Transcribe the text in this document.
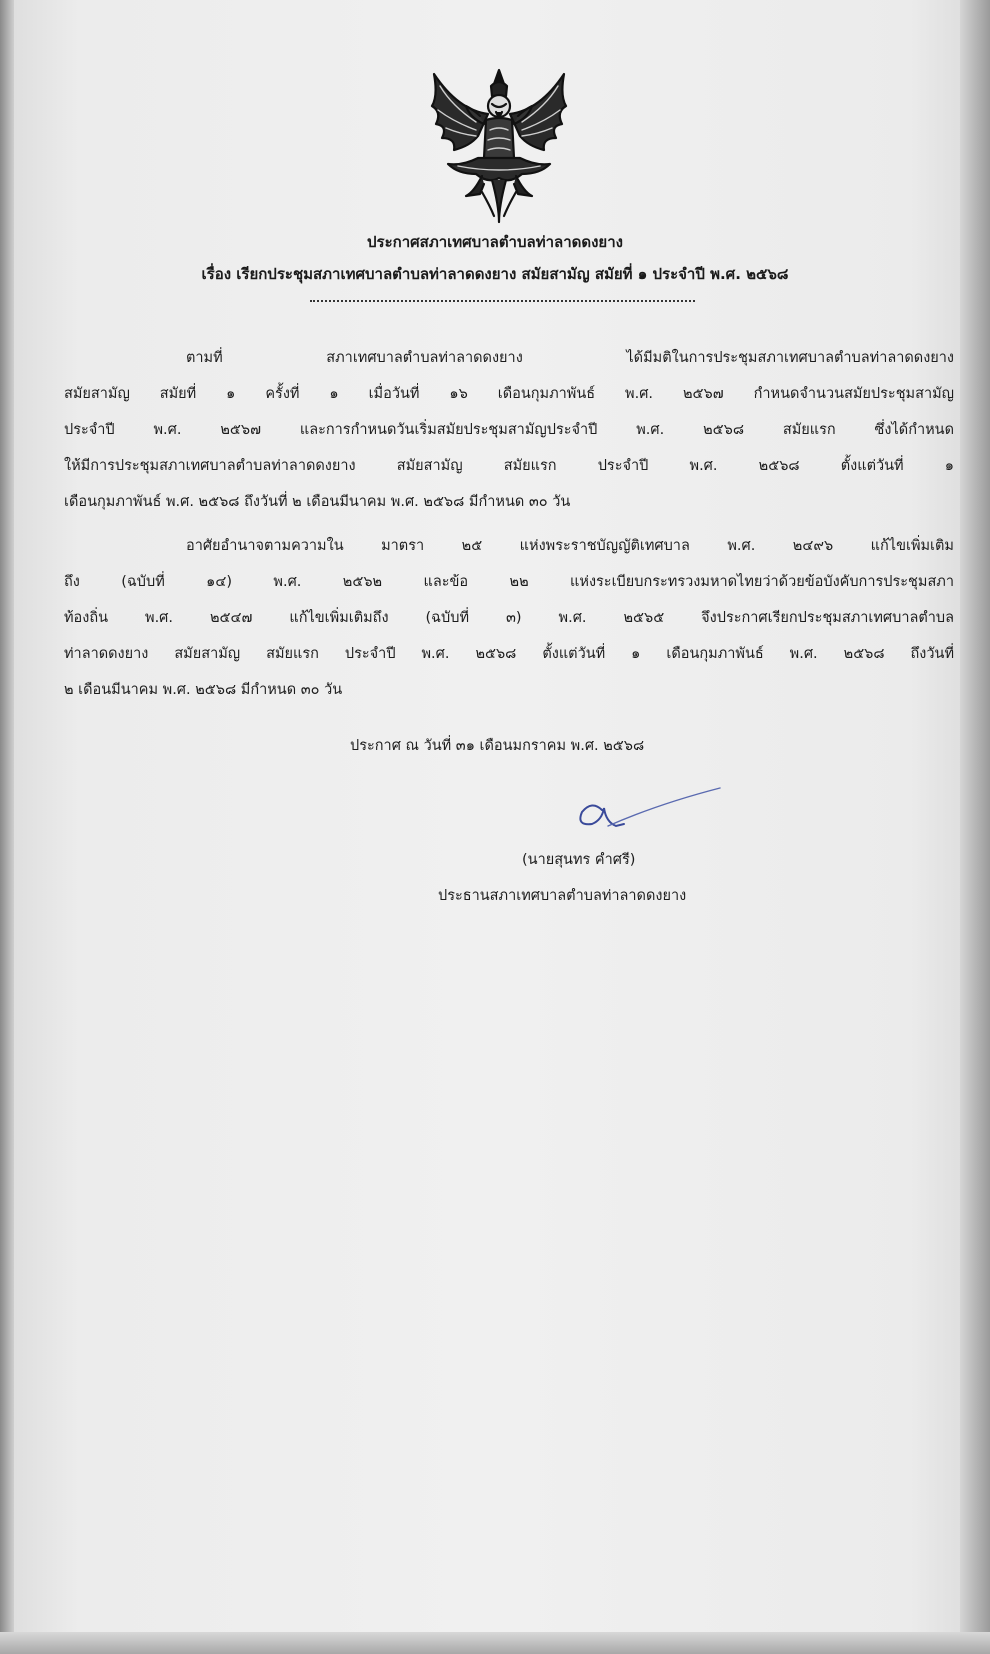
ประกาศสภาเทศบาลตำบลท่าลาดดงยาง
เรื่อง เรียกประชุมสภาเทศบาลตำบลท่าลาดดงยาง สมัยสามัญ สมัยที่ ๑ ประจำปี พ.ศ. ๒๕๖๘
ตามที่ สภาเทศบาลตำบลท่าลาดดงยาง ได้มีมติในการประชุมสภาเทศบาลตำบลท่าลาดดงยาง
สมัยสามัญ สมัยที่ ๑ ครั้งที่ ๑ เมื่อวันที่ ๑๖ เดือนกุมภาพันธ์ พ.ศ. ๒๕๖๗ กำหนดจำนวนสมัยประชุมสามัญ
ประจำปี พ.ศ. ๒๕๖๗ และการกำหนดวันเริ่มสมัยประชุมสามัญประจำปี พ.ศ. ๒๕๖๘ สมัยแรก ซึ่งได้กำหนด
ให้มีการประชุมสภาเทศบาลตำบลท่าลาดดงยาง สมัยสามัญ สมัยแรก ประจำปี พ.ศ. ๒๕๖๘ ตั้งแต่วันที่ ๑
เดือนกุมภาพันธ์ พ.ศ. ๒๕๖๘ ถึงวันที่ ๒ เดือนมีนาคม พ.ศ. ๒๕๖๘ มีกำหนด ๓๐ วัน
อาศัยอำนาจตามความใน มาตรา ๒๕ แห่งพระราชบัญญัติเทศบาล พ.ศ. ๒๔๙๖ แก้ไขเพิ่มเติม
ถึง (ฉบับที่ ๑๔) พ.ศ. ๒๕๖๒ และข้อ ๒๒ แห่งระเบียบกระทรวงมหาดไทยว่าด้วยข้อบังคับการประชุมสภา
ท้องถิ่น พ.ศ. ๒๕๔๗ แก้ไขเพิ่มเติมถึง (ฉบับที่ ๓) พ.ศ. ๒๕๖๕ จึงประกาศเรียกประชุมสภาเทศบาลตำบล
ท่าลาดดงยาง สมัยสามัญ สมัยแรก ประจำปี พ.ศ. ๒๕๖๘ ตั้งแต่วันที่ ๑ เดือนกุมภาพันธ์ พ.ศ. ๒๕๖๘ ถึงวันที่
๒ เดือนมีนาคม พ.ศ. ๒๕๖๘ มีกำหนด ๓๐ วัน
ประกาศ ณ วันที่ ๓๑ เดือนมกราคม พ.ศ. ๒๕๖๘
(นายสุนทร คำศรี)
ประธานสภาเทศบาลตำบลท่าลาดดงยาง
